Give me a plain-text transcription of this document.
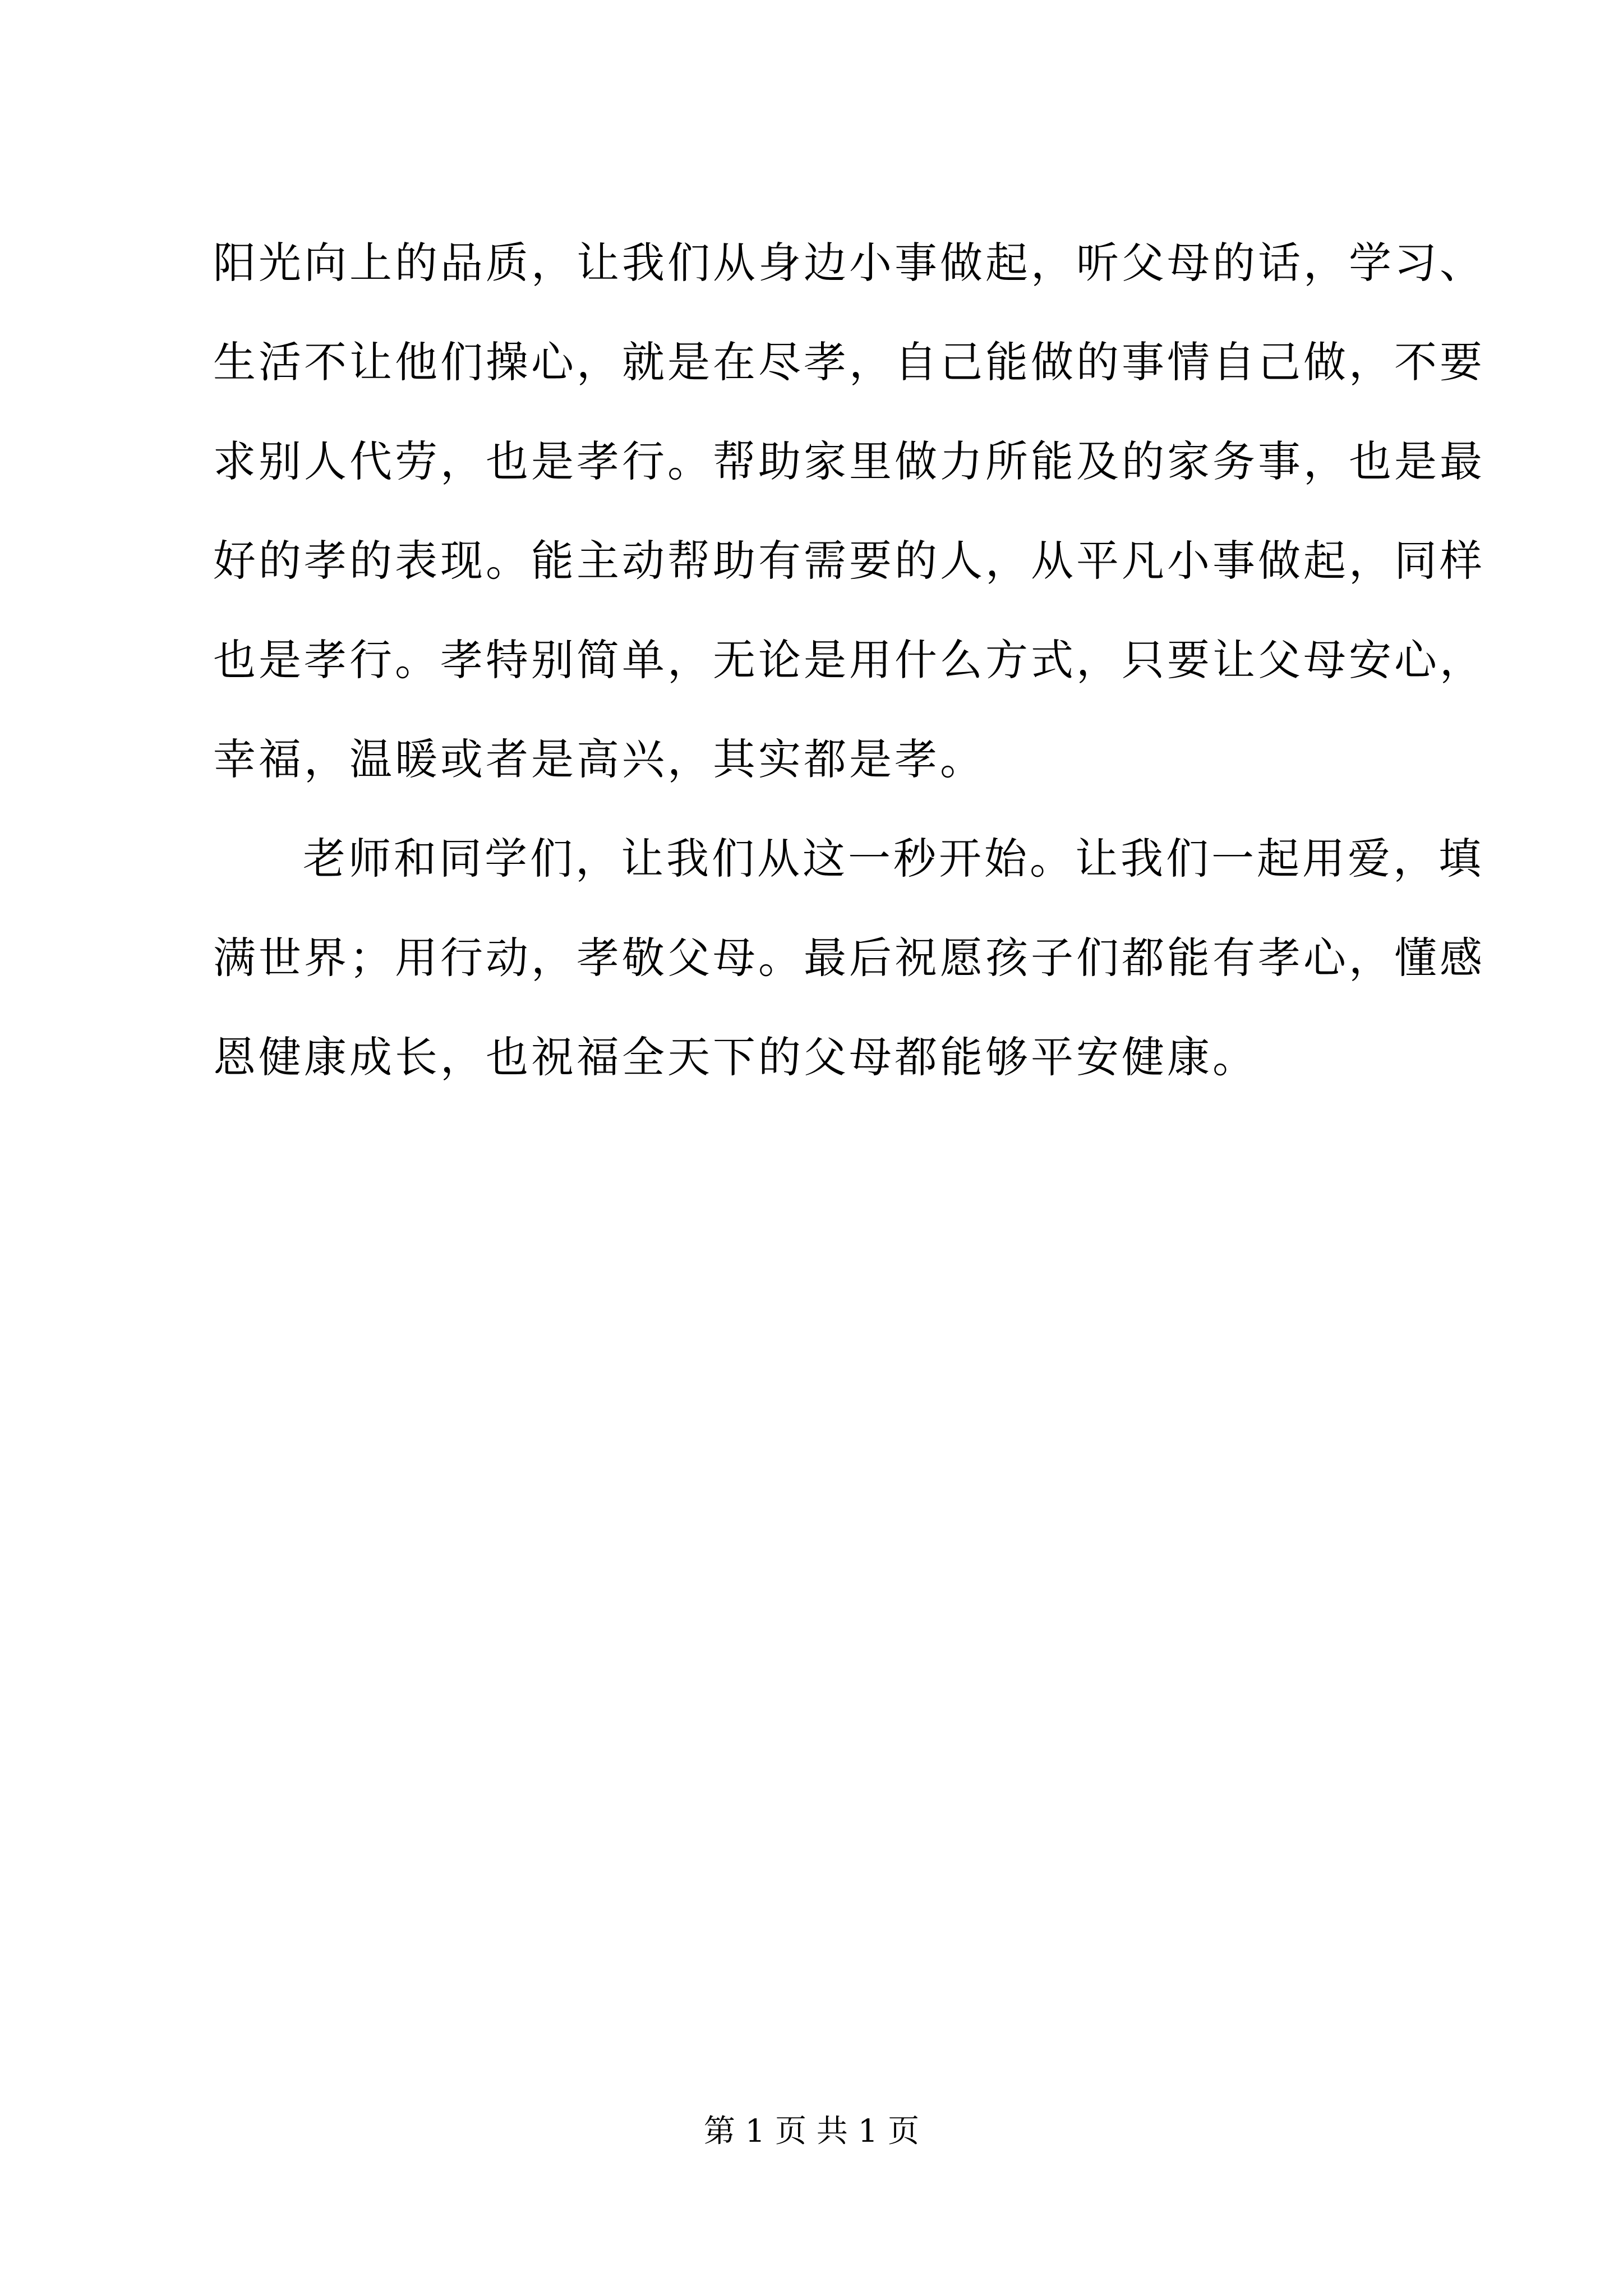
阳光向上的品质，让我们从身边小事做起，听父母的话，学习、
生活不让他们操心，就是在尽孝，自己能做的事情自己做，不要
求别人代劳，也是孝行。帮助家里做力所能及的家务事，也是最
好的孝的表现。能主动帮助有需要的人，从平凡小事做起，同样
也是孝行。孝特别简单，无论是用什么方式，只要让父母安心，
幸福，温暖或者是高兴，其实都是孝。
老师和同学们，让我们从这一秒开始。让我们一起用爱，填
满世界；用行动，孝敬父母。最后祝愿孩子们都能有孝心，懂感
恩健康成长，也祝福全天下的父母都能够平安健康。
第 1 页 共 1 页
